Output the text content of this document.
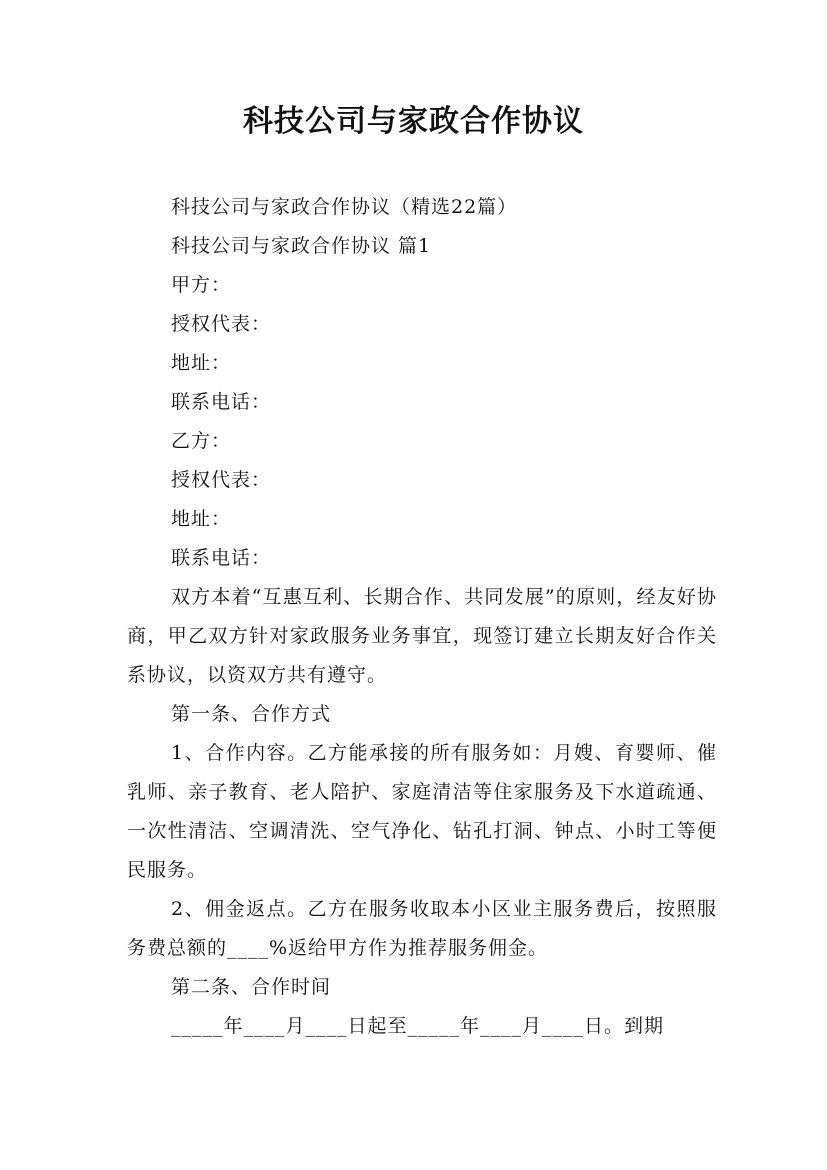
科技公司与家政合作协议

科技公司与家政合作协议（精选22篇）

科技公司与家政合作协议 篇1

甲方：

授权代表：

地址：

联系电话：

乙方：

授权代表：

地址：

联系电话：

双方本着“互惠互利、长期合作、共同发展”的原则，经友好协商，甲乙双方针对家政服务业务事宜，现签订建立长期友好合作关系协议，以资双方共有遵守。

第一条、合作方式

1、合作内容。乙方能承接的所有服务如：月嫂、育婴师、催乳师、亲子教育、老人陪护、家庭清洁等住家服务及下水道疏通、一次性清洁、空调清洗、空气净化、钻孔打洞、钟点、小时工等便民服务。

2、佣金返点。乙方在服务收取本小区业主服务费后，按照服务费总额的____%返给甲方作为推荐服务佣金。

第二条、合作时间

_____年____月____日起至_____年____月____日。到期
